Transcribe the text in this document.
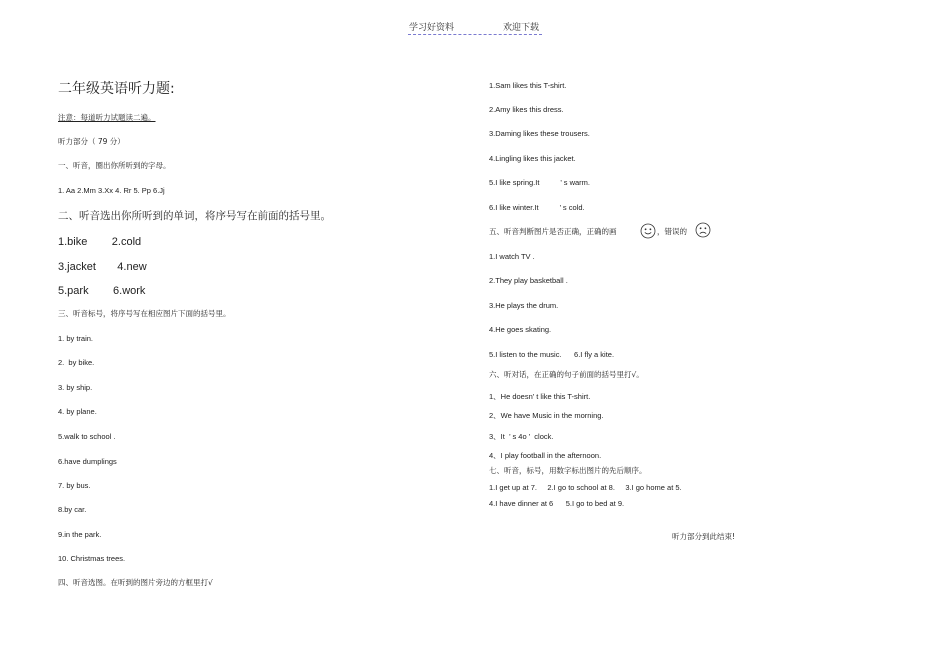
学习好资料	欢迎下载
二年级英语听力题:
注意：每道听力试题读二遍。
听力部分（ 79 分）
一、听音，圈出你所听到的字母。
1. Aa 2.Mm 3.Xx 4. Rr 5. Pp 6.Jj
二、听音选出你所听到的单词，将序号写在前面的括号里。
1.bike        2.cold
3.jacket       4.new
5.park        6.work
三、听音标号，将序号写在相应图片下面的括号里。
1. by train.
2.  by bike.
3. by ship.
4. by plane.
5.walk to school .
6.have dumplings
7. by bus.
8.by car.
9.in the park.
10. Christmas trees.
四、听音选图。在听到的图片旁边的方框里打√
1.Sam likes this T-shirt.
2.Amy likes this dress.
3.Daming likes these trousers.
4.Lingling likes this jacket.
5.I like spring.It          ’ s warm.
6.I like winter.It          ’ s cold.
五、听音判断图片是否正确，正确的画	，错误的
1.I watch TV .
2.They play basketball .
3.He plays the drum.
4.He goes skating.
5.I listen to the music.      6.I fly a kite.
六、听对话，在正确的句子前面的括号里打√。
1、He doesn’ t like this T-shirt.
2、We have Music in the morning.
3、It  ’ s 4o ’  clock.
4、I play football in the afternoon.
七、听音，标号，用数字标出图片的先后顺序。
1.I get up at 7.     2.I go to school at 8.     3.I go home at 5.
4.I have dinner at 6      5.I go to bed at 9.
听力部分到此结束!
